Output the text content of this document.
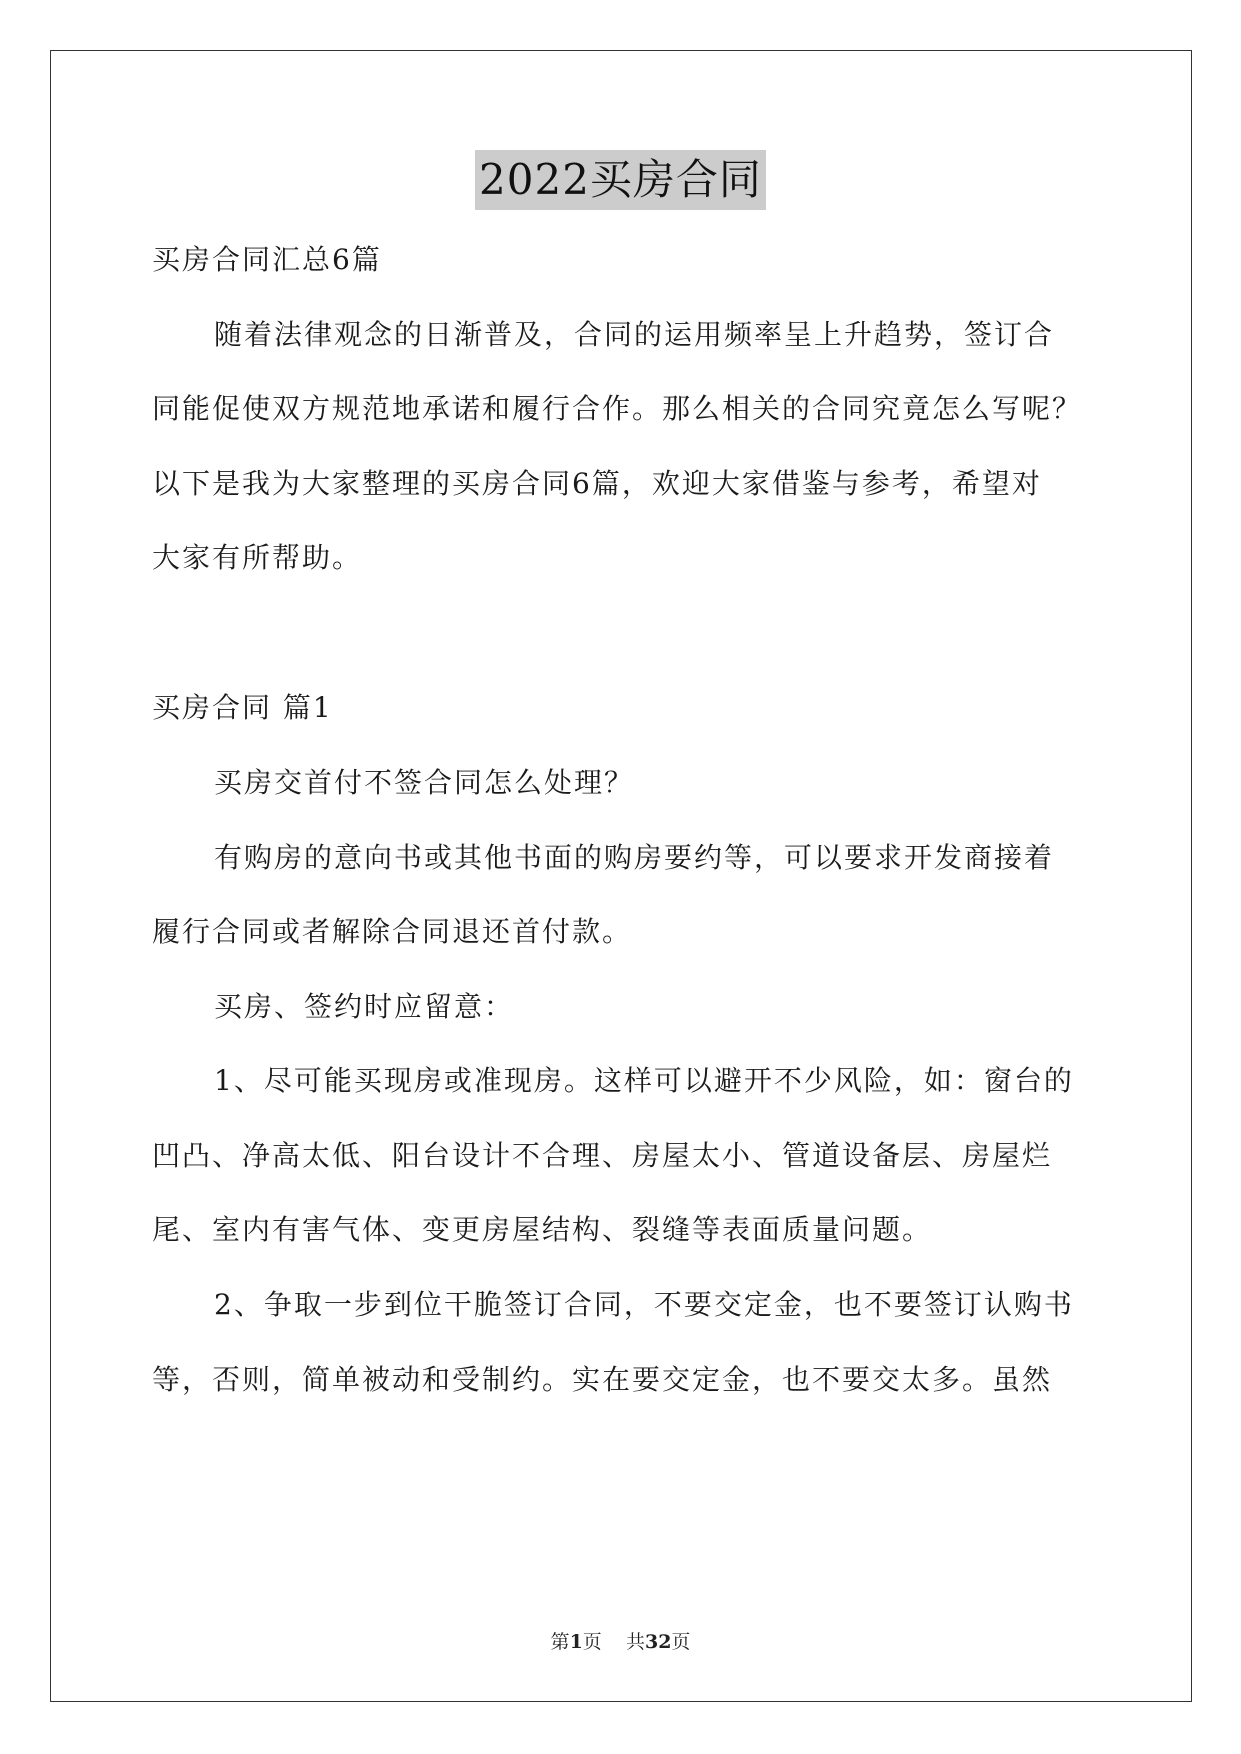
2022买房合同
买房合同汇总6篇
随着法律观念的日渐普及，合同的运用频率呈上升趋势，签订合
同能促使双方规范地承诺和履行合作。那么相关的合同究竟怎么写呢？
以下是我为大家整理的买房合同6篇，欢迎大家借鉴与参考，希望对
大家有所帮助。
买房合同 篇1
买房交首付不签合同怎么处理？
有购房的意向书或其他书面的购房要约等，可以要求开发商接着
履行合同或者解除合同退还首付款。
买房、签约时应留意：
1、尽可能买现房或准现房。这样可以避开不少风险，如：窗台的
凹凸、净高太低、阳台设计不合理、房屋太小、管道设备层、房屋烂
尾、室内有害气体、变更房屋结构、裂缝等表面质量问题。
2、争取一步到位干脆签订合同，不要交定金，也不要签订认购书
等，否则，简单被动和受制约。实在要交定金，也不要交太多。虽然
第1页    共32页
